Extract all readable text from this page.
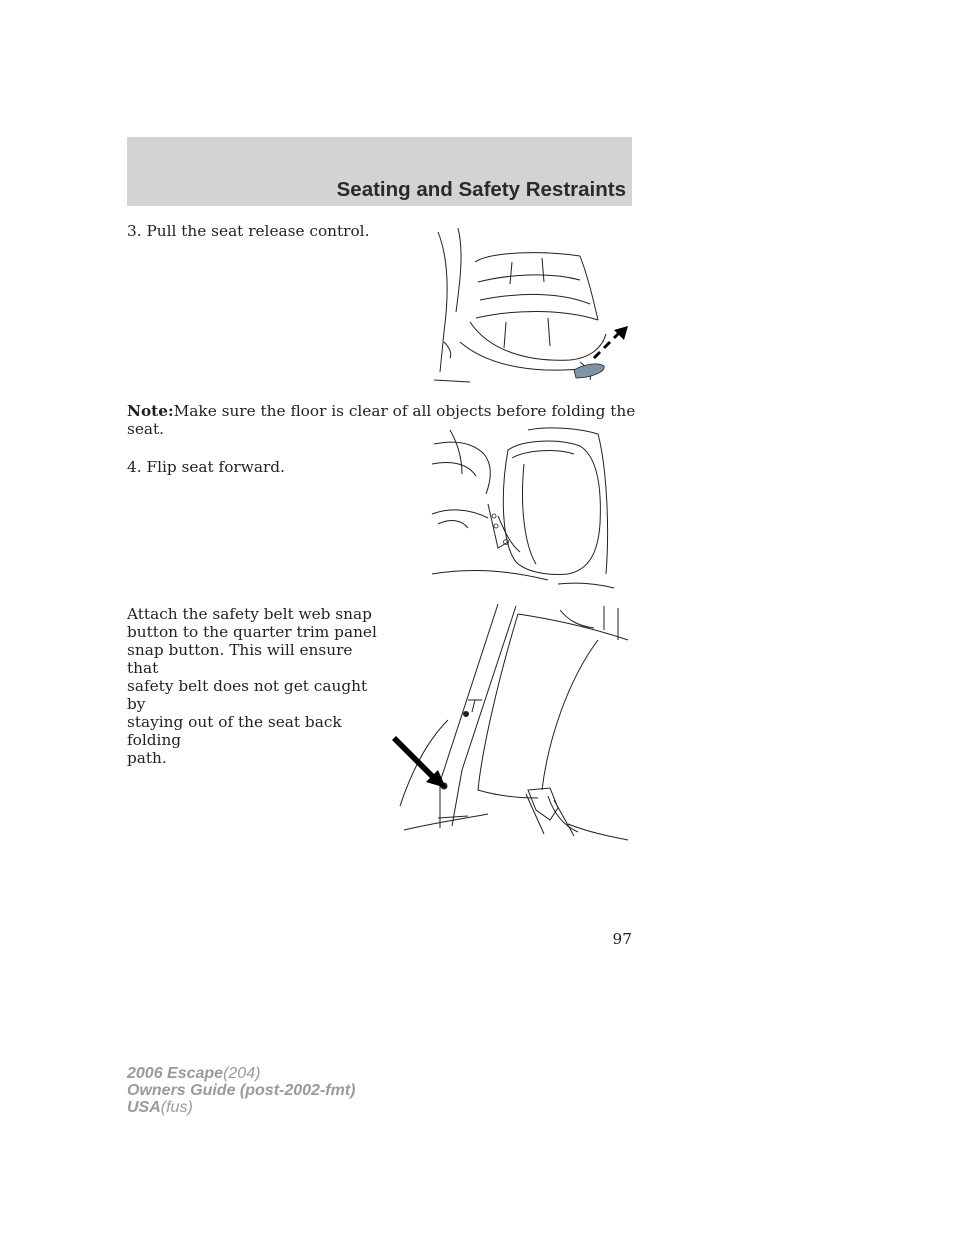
Seating and Safety Restraints

3. Pull the seat release control.

Note:Make sure the floor is clear of all objects before folding the seat.

4. Flip seat forward.

Attach the safety belt web snap
button to the quarter trim panel
snap button. This will ensure that
safety belt does not get caught by
staying out of the seat back folding
path.

97
2006 Escape(204)
Owners Guide (post-2002-fmt)
USA(fus)
